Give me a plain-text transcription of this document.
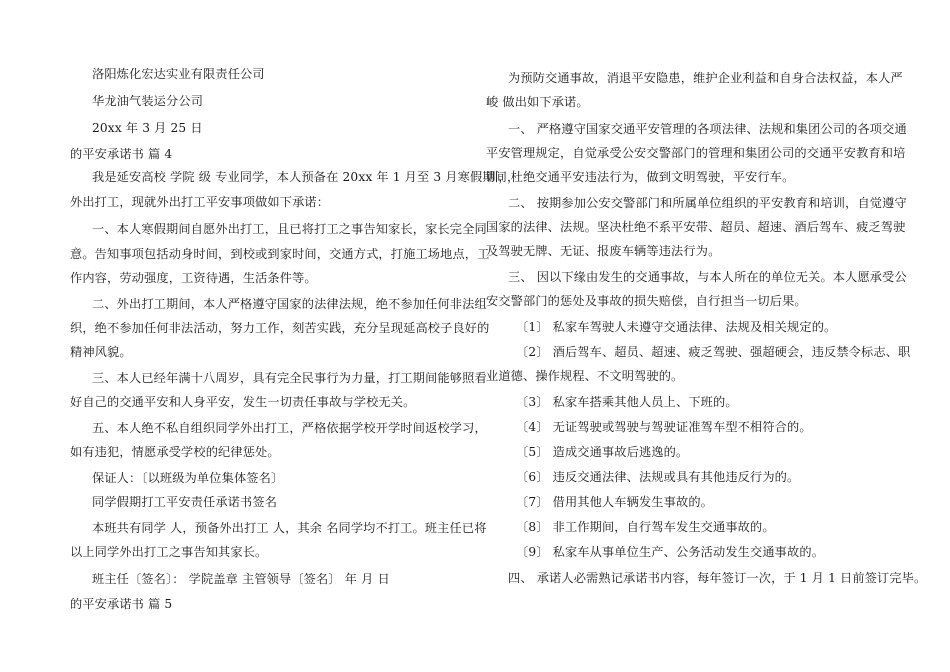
洛阳炼化宏达实业有限责任公司
华龙油气装运分公司
20xx 年 3 月 25 日
的平安承诺书 篇 4
我是延安高校 学院 级 专业同学，本人预备在 20xx 年 1 月至 3 月寒假期间，
外出打工，现就外出打工平安事项做如下承诺：
一、本人寒假期间自愿外出打工，且已将打工之事告知家长，家长完全同
意。告知事项包括动身时间，到校或到家时间，交通方式，打施工场地点，工
作内容，劳动强度，工资待遇，生活条件等。
二、外出打工期间，本人严格遵守国家的法律法规，绝不参加任何非法组
织，绝不参加任何非法活动，努力工作，刻苦实践，充分呈现延高校子良好的
精神风貌。
三、本人已经年满十八周岁，具有完全民事行为力量，打工期间能够照看
好自己的交通平安和人身平安，发生一切责任事故与学校无关。
五、本人绝不私自组织同学外出打工，严格依据学校开学时间返校学习，
如有违犯，情愿承受学校的纪律惩处。
保证人：〔以班级为单位集体签名〕
同学假期打工平安责任承诺书签名
本班共有同学 人，预备外出打工 人，其余 名同学均不打工。班主任已将
以上同学外出打工之事告知其家长。
班主任〔签名〕： 学院盖章 主管领导〔签名〕 年 月 日
的平安承诺书 篇 5
为预防交通事故，消退平安隐患，维护企业利益和自身合法权益，本人严
峻 做出如下承诺。
一、 严格遵守国家交通平安管理的各项法律、法规和集团公司的各项交通
平安管理规定，自觉承受公安交警部门的管理和集团公司的交通平安教育和培
训，杜绝交通平安违法行为，做到文明驾驶，平安行车。
二、 按期参加公安交警部门和所属单位组织的平安教育和培训，自觉遵守
国家的法律、法规。坚决杜绝不系平安带、超员、超速、酒后驾车、疲乏驾驶
及驾驶无牌、无证、报废车辆等违法行为。
三、 因以下缘由发生的交通事故，与本人所在的单位无关。本人愿承受公
安交警部门的惩处及事故的损失赔偿，自行担当一切后果。
〔1〕 私家车驾驶人未遵守交通法律、法规及相关规定的。
〔2〕 酒后驾车、超员、超速、疲乏驾驶、强超硬会，违反禁令标志、职
业道德、操作规程、不文明驾驶的。
〔3〕 私家车搭乘其他人员上、下班的。
〔4〕 无证驾驶或驾驶与驾驶证准驾车型不相符合的。
〔5〕 造成交通事故后逃逸的。
〔6〕 违反交通法律、法规或具有其他违反行为的。
〔7〕 借用其他人车辆发生事故的。
〔8〕 非工作期间，自行驾车发生交通事故的。
〔9〕 私家车从事单位生产、公务活动发生交通事故的。
四、 承诺人必需熟记承诺书内容，每年签订一次，于 1 月 1 日前签订完毕。
